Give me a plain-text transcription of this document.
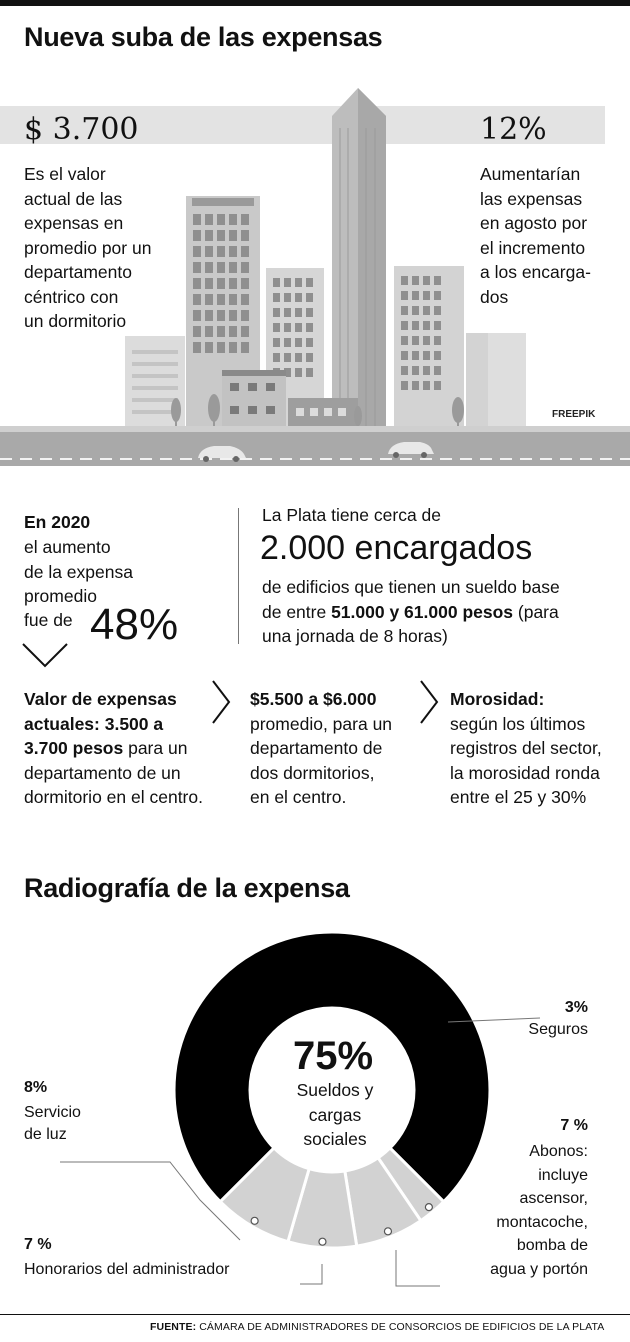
Nueva suba de las expensas
$ 3.700
Es el valor
actual de las
expensas en
promedio por un
departamento
céntrico con
un dormitorio
12%
Aumentarían
las expensas
en agosto por
el incremento
a los encarga-
dos
FREEPIK
En 2020
el aumento
de la expensa
promedio
fue de 48%
La Plata tiene cerca de
2.000 encargados
de edificios que tienen un sueldo base
de entre 51.000 y 61.000 pesos (para
una jornada de 8 horas)
Valor de expensas
actuales: 3.500 a
3.700 pesos para un
departamento de un
dormitorio en el centro.
$5.500 a $6.000
promedio, para un
departamento de
dos dormitorios,
en el centro.
Morosidad:
según los últimos
registros del sector,
la morosidad ronda
entre el 25 y 30%
Radiografía de la expensa
75%
Sueldos y
cargas
sociales
3%
Seguros
7 %
Abonos:
incluye
ascensor,
montacoche,
bomba de
agua y portón
8%
Servicio
de luz
7 %
Honorarios del administrador
FUENTE: CÁMARA DE ADMINISTRADORES DE CONSORCIOS DE EDIFICIOS DE LA PLATA
